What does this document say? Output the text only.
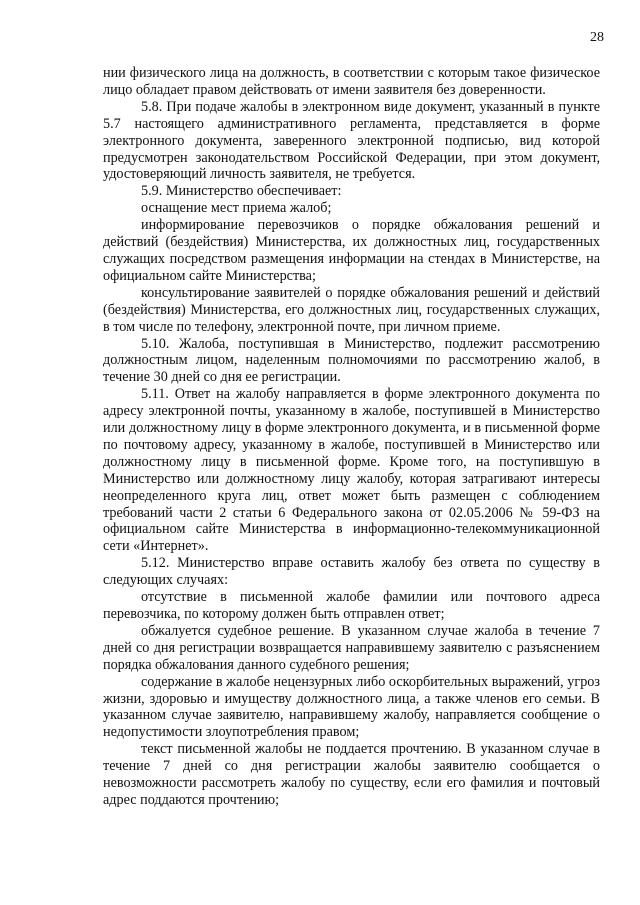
28

нии физического лица на должность, в соответствии с которым такое физическое лицо обладает правом действовать от имени заявителя без доверенности.

5.8. При подаче жалобы в электронном виде документ, указанный в пункте 5.7 настоящего административного регламента, представляется в форме электронного документа, заверенного электронной подписью, вид которой предусмотрен законодательством Российской Федерации, при этом документ, удостоверяющий личность заявителя, не требуется.

5.9. Министерство обеспечивает:

оснащение мест приема жалоб;

информирование перевозчиков о порядке обжалования решений и действий (бездействия) Министерства, их должностных лиц, государственных служащих посредством размещения информации на стендах в Министерстве, на официальном сайте Министерства;

консультирование заявителей о порядке обжалования решений и действий (бездействия) Министерства, его должностных лиц, государственных служащих, в том числе по телефону, электронной почте, при личном приеме.

5.10. Жалоба, поступившая в Министерство, подлежит рассмотрению должностным лицом, наделенным полномочиями по рассмотрению жалоб, в течение 30 дней со дня ее регистрации.

5.11. Ответ на жалобу направляется в форме электронного документа по адресу электронной почты, указанному в жалобе, поступившей в Министерство или должностному лицу в форме электронного документа, и в письменной форме по почтовому адресу, указанному в жалобе, поступившей в Министерство или должностному лицу в письменной форме. Кроме того, на поступившую в Министерство или должностному лицу жалобу, которая затрагивают интересы неопределенного круга лиц, ответ может быть размещен с соблюдением требований части 2 статьи 6 Федерального закона от 02.05.2006 № 59-ФЗ на официальном сайте Министерства в информационно-телекоммуникационной сети «Интернет».

5.12. Министерство вправе оставить жалобу без ответа по существу в следующих случаях:

отсутствие в письменной жалобе фамилии или почтового адреса перевозчика, по которому должен быть отправлен ответ;

обжалуется судебное решение. В указанном случае жалоба в течение 7 дней со дня регистрации возвращается направившему заявителю с разъяснением порядка обжалования данного судебного решения;

содержание в жалобе нецензурных либо оскорбительных выражений, угроз жизни, здоровью и имуществу должностного лица, а также членов его семьи. В указанном случае заявителю, направившему жалобу, направляется сообщение о недопустимости злоупотребления правом;

текст письменной жалобы не поддается прочтению. В указанном случае в течение 7 дней со дня регистрации жалобы заявителю сообщается о невозможности рассмотреть жалобу по существу, если его фамилия и почтовый адрес поддаются прочтению;
